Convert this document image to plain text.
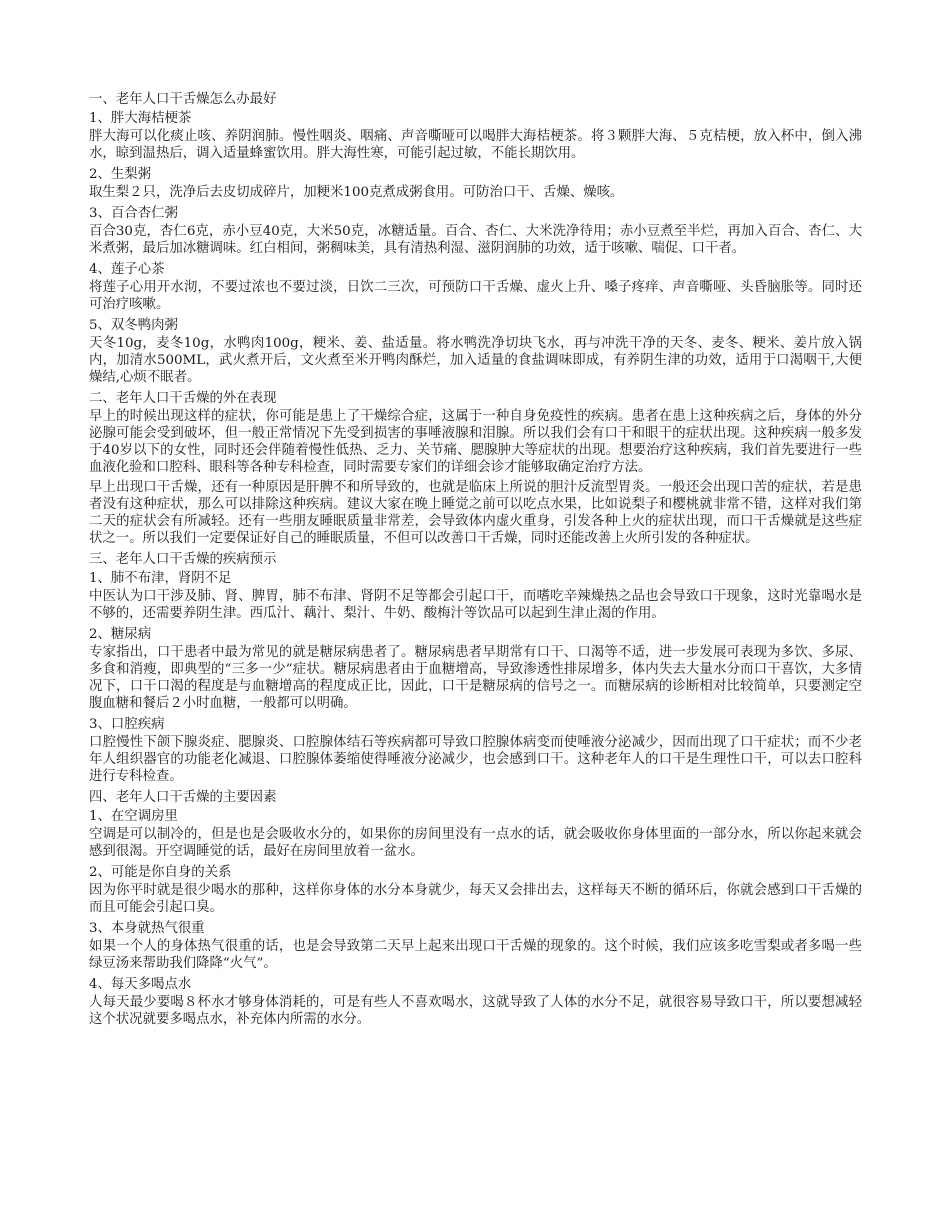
一、老年人口干舌燥怎么办最好

1、胖大海桔梗茶

胖大海可以化痰止咳、养阴润肺。慢性咽炎、咽痛、声音嘶哑可以喝胖大海桔梗茶。将３颗胖大海、５克桔梗，放入杯中，倒入沸水，晾到温热后，调入适量蜂蜜饮用。胖大海性寒，可能引起过敏，不能长期饮用。

2、生梨粥

取生梨２只，洗净后去皮切成碎片，加粳米100克煮成粥食用。可防治口干、舌燥、燥咳。

3、百合杏仁粥

百合30克，杏仁6克，赤小豆40克，大米50克，冰糖适量。百合、杏仁、大米洗净待用；赤小豆煮至半烂，再加入百合、杏仁、大米煮粥，最后加冰糖调味。红白相间，粥稠味美，具有清热利湿、滋阴润肺的功效，适于咳嗽、喘促、口干者。

4、莲子心茶

将莲子心用开水沏，不要过浓也不要过淡，日饮二三次，可预防口干舌燥、虚火上升、嗓子疼痒、声音嘶哑、头昏脑胀等。同时还可治疗咳嗽。

5、双冬鸭肉粥

天冬10g，麦冬10g，水鸭肉100g，粳米、姜、盐适量。将水鸭洗净切块飞水，再与冲洗干净的天冬、麦冬、粳米、姜片放入锅内，加清水500ML，武火煮开后，文火煮至米开鸭肉酥烂，加入适量的食盐调味即成，有养阴生津的功效，适用于口渴咽干,大便燥结,心烦不眠者。

二、老年人口干舌燥的外在表现

早上的时候出现这样的症状，你可能是患上了干燥综合症，这属于一种自身免疫性的疾病。患者在患上这种疾病之后，身体的外分泌腺可能会受到破坏，但一般正常情况下先受到损害的事唾液腺和泪腺。所以我们会有口干和眼干的症状出现。这种疾病一般多发于40岁以下的女性，同时还会伴随着慢性低热、乏力、关节痛、腮腺肿大等症状的出现。想要治疗这种疾病，我们首先要进行一些血液化验和口腔科、眼科等各种专科检查，同时需要专家们的详细会诊才能够取确定治疗方法。

早上出现口干舌燥，还有一种原因是肝脾不和所导致的，也就是临床上所说的胆汁反流型胃炎。一般还会出现口苦的症状，若是患者没有这种症状，那么可以排除这种疾病。建议大家在晚上睡觉之前可以吃点水果，比如说梨子和樱桃就非常不错，这样对我们第二天的症状会有所减轻。还有一些朋友睡眠质量非常差，会导致体内虚火重身，引发各种上火的症状出现，而口干舌燥就是这些症状之一。所以我们一定要保证好自己的睡眠质量，不但可以改善口干舌燥，同时还能改善上火所引发的各种症状。

三、老年人口干舌燥的疾病预示

1、肺不布津，肾阴不足

中医认为口干涉及肺、肾、脾胃，肺不布津、肾阴不足等都会引起口干，而嗜吃辛辣燥热之品也会导致口干现象，这时光靠喝水是不够的，还需要养阴生津。西瓜汁、藕汁、梨汁、牛奶、酸梅汁等饮品可以起到生津止渴的作用。

2、糖尿病

专家指出，口干患者中最为常见的就是糖尿病患者了。糖尿病患者早期常有口干、口渴等不适，进一步发展可表现为多饮、多尿、多食和消瘦，即典型的“三多一少”症状。糖尿病患者由于血糖增高，导致渗透性排尿增多，体内失去大量水分而口干喜饮，大多情况下，口干口渴的程度是与血糖增高的程度成正比，因此，口干是糖尿病的信号之一。而糖尿病的诊断相对比较简单，只要测定空腹血糖和餐后２小时血糖，一般都可以明确。

3、口腔疾病

口腔慢性下颌下腺炎症、腮腺炎、口腔腺体结石等疾病都可导致口腔腺体病变而使唾液分泌减少，因而出现了口干症状；而不少老年人组织器官的功能老化减退、口腔腺体萎缩使得唾液分泌减少，也会感到口干。这种老年人的口干是生理性口干，可以去口腔科进行专科检查。

四、老年人口干舌燥的主要因素

1、在空调房里

空调是可以制冷的，但是也是会吸收水分的，如果你的房间里没有一点水的话，就会吸收你身体里面的一部分水，所以你起来就会感到很渴。开空调睡觉的话，最好在房间里放着一盆水。

2、可能是你自身的关系

因为你平时就是很少喝水的那种，这样你身体的水分本身就少，每天又会排出去，这样每天不断的循环后，你就会感到口干舌燥的而且可能会引起口臭。

3、本身就热气很重

如果一个人的身体热气很重的话，也是会导致第二天早上起来出现口干舌燥的现象的。这个时候，我们应该多吃雪梨或者多喝一些绿豆汤来帮助我们降降“火气”。

4、每天多喝点水

人每天最少要喝８杯水才够身体消耗的，可是有些人不喜欢喝水，这就导致了人体的水分不足，就很容易导致口干，所以要想减轻这个状况就要多喝点水，补充体内所需的水分。
